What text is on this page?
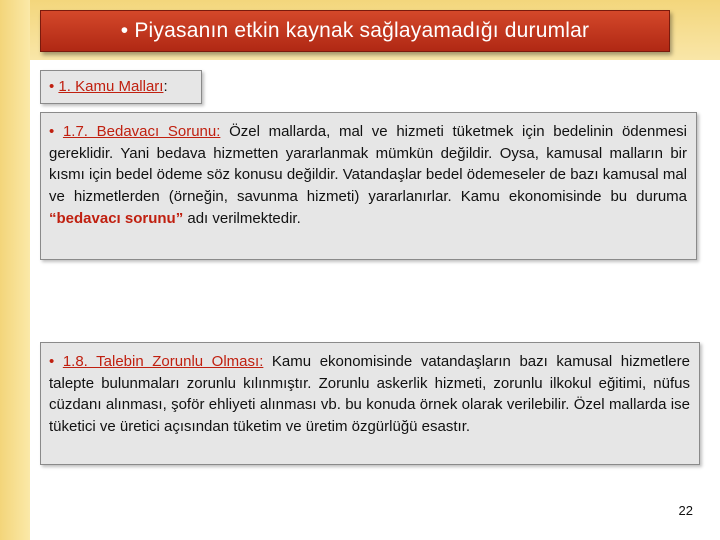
• Piyasanın etkin kaynak sağlayamadığı durumlar
• 1. Kamu Malları:

• 1.7. Bedavacı Sorunu: Özel mallarda, mal ve hizmeti tüketmek için bedelinin ödenmesi gereklidir. Yani bedava hizmetten yararlanmak mümkün değildir. Oysa, kamusal malların bir kısmı için bedel ödeme söz konusu değildir. Vatandaşlar bedel ödemeseler de bazı kamusal mal ve hizmetlerden (örneğin, savunma hizmeti) yararlanırlar. Kamu ekonomisinde bu duruma “bedavacı sorunu” adı verilmektedir.

• 1.8. Talebin Zorunlu Olması: Kamu ekonomisinde vatandaşların bazı kamusal hizmetlere talepte bulunmaları zorunlu kılınmıştır. Zorunlu askerlik hizmeti, zorunlu ilkokul eğitimi, nüfus cüzdanı alınması, şoför ehliyeti alınması vb. bu konuda örnek olarak verilebilir. Özel mallarda ise tüketici ve üretici açısından tüketim ve üretim özgürlüğü esastır.

22
